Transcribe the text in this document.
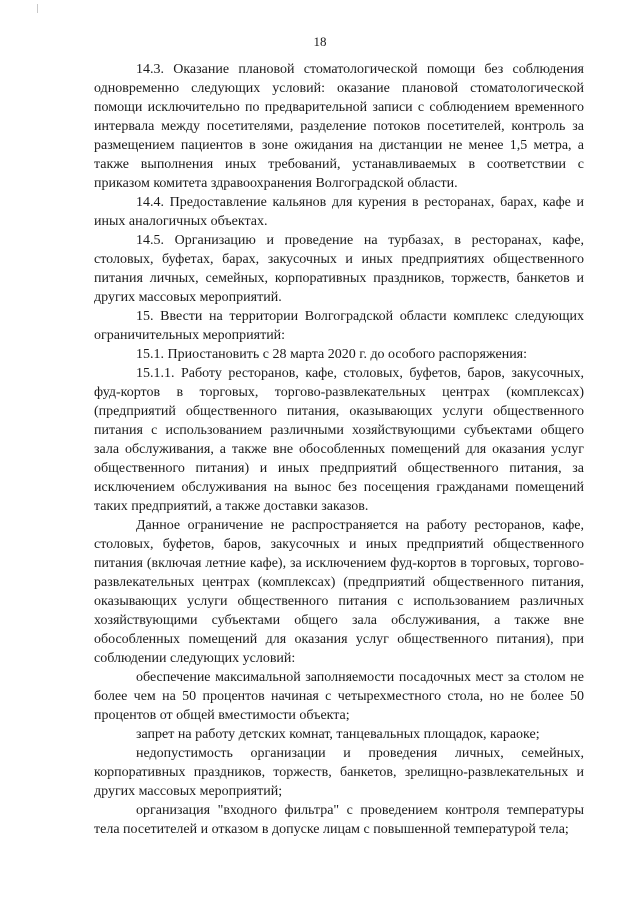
18

14.3. Оказание плановой стоматологической помощи без соблюдения одновременно следующих условий: оказание плановой стоматологической помощи исключительно по предварительной записи с соблюдением временного интервала между посетителями, разделение потоков посетителей, контроль за размещением пациентов в зоне ожидания на дистанции не менее 1,5 метра, а также выполнения иных требований, устанавливаемых в соответствии с приказом комитета здравоохранения Волгоградской области.

14.4. Предоставление кальянов для курения в ресторанах, барах, кафе и иных аналогичных объектах.

14.5. Организацию и проведение на турбазах, в ресторанах, кафе, столовых, буфетах, барах, закусочных и иных предприятиях общественного питания личных, семейных, корпоративных праздников, торжеств, банкетов и других массовых мероприятий.

15. Ввести на территории Волгоградской области комплекс следующих ограничительных мероприятий:

15.1. Приостановить с 28 марта 2020 г. до особого распоряжения:

15.1.1. Работу ресторанов, кафе, столовых, буфетов, баров, закусочных, фуд-кортов в торговых, торгово-развлекательных центрах (комплексах) (предприятий общественного питания, оказывающих услуги общественного питания с использованием различными хозяйствующими субъектами общего зала обслуживания, а также вне обособленных помещений для оказания услуг общественного питания) и иных предприятий общественного питания, за исключением обслуживания на вынос без посещения гражданами помещений таких предприятий, а также доставки заказов.

Данное ограничение не распространяется на работу ресторанов, кафе, столовых, буфетов, баров, закусочных и иных предприятий общественного питания (включая летние кафе), за исключением фуд-кортов в торговых, торгово-развлекательных центрах (комплексах) (предприятий общественного питания, оказывающих услуги общественного питания с использованием различных хозяйствующими субъектами общего зала обслуживания, а также вне обособленных помещений для оказания услуг общественного питания), при соблюдении следующих условий:

обеспечение максимальной заполняемости посадочных мест за столом не более чем на 50 процентов начиная с четырехместного стола, но не более 50 процентов от общей вместимости объекта;

запрет на работу детских комнат, танцевальных площадок, караоке;

недопустимость организации и проведения личных, семейных, корпоративных праздников, торжеств, банкетов, зрелищно-развлекательных и других массовых мероприятий;

организация "входного фильтра" с проведением контроля температуры тела посетителей и отказом в допуске лицам с повышенной температурой тела;
